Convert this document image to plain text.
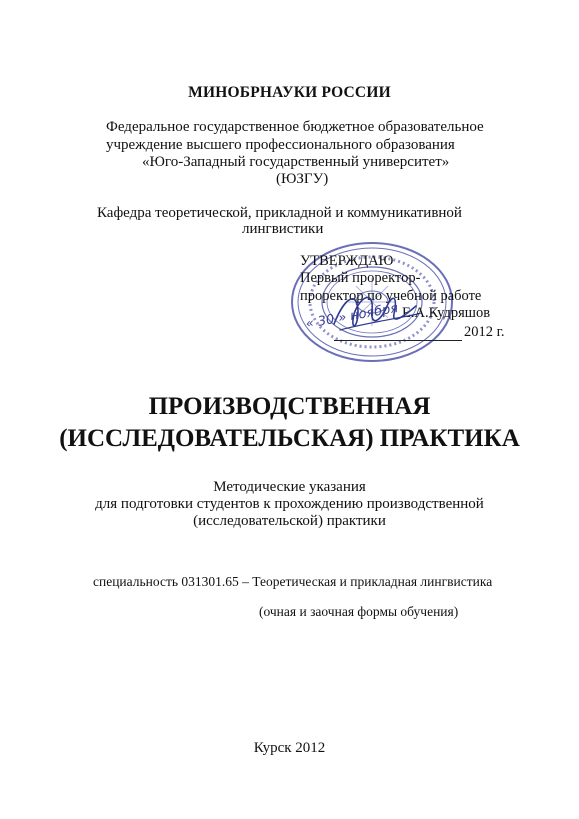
МИНОБРНАУКИ РОССИИ
Федеральное государственное бюджетное образовательное
учреждение высшего профессионального образования
«Юго-Западный государственный университет»
(ЮЗГУ)
Кафедра теоретической, прикладной и коммуникативной
лингвистики
УТВЕРЖДАЮ
Первый проректор-
проректор по учебной работе
Е.А.Кудряшов
« 30 » ноября
2012 г.
ПРОИЗВОДСТВЕННАЯ
(ИССЛЕДОВАТЕЛЬСКАЯ) ПРАКТИКА
Методические указания
для подготовки студентов к прохождению производственной
(исследовательской) практики
специальность 031301.65 – Теоретическая и прикладная лингвистика
(очная и заочная формы обучения)
Курск 2012
